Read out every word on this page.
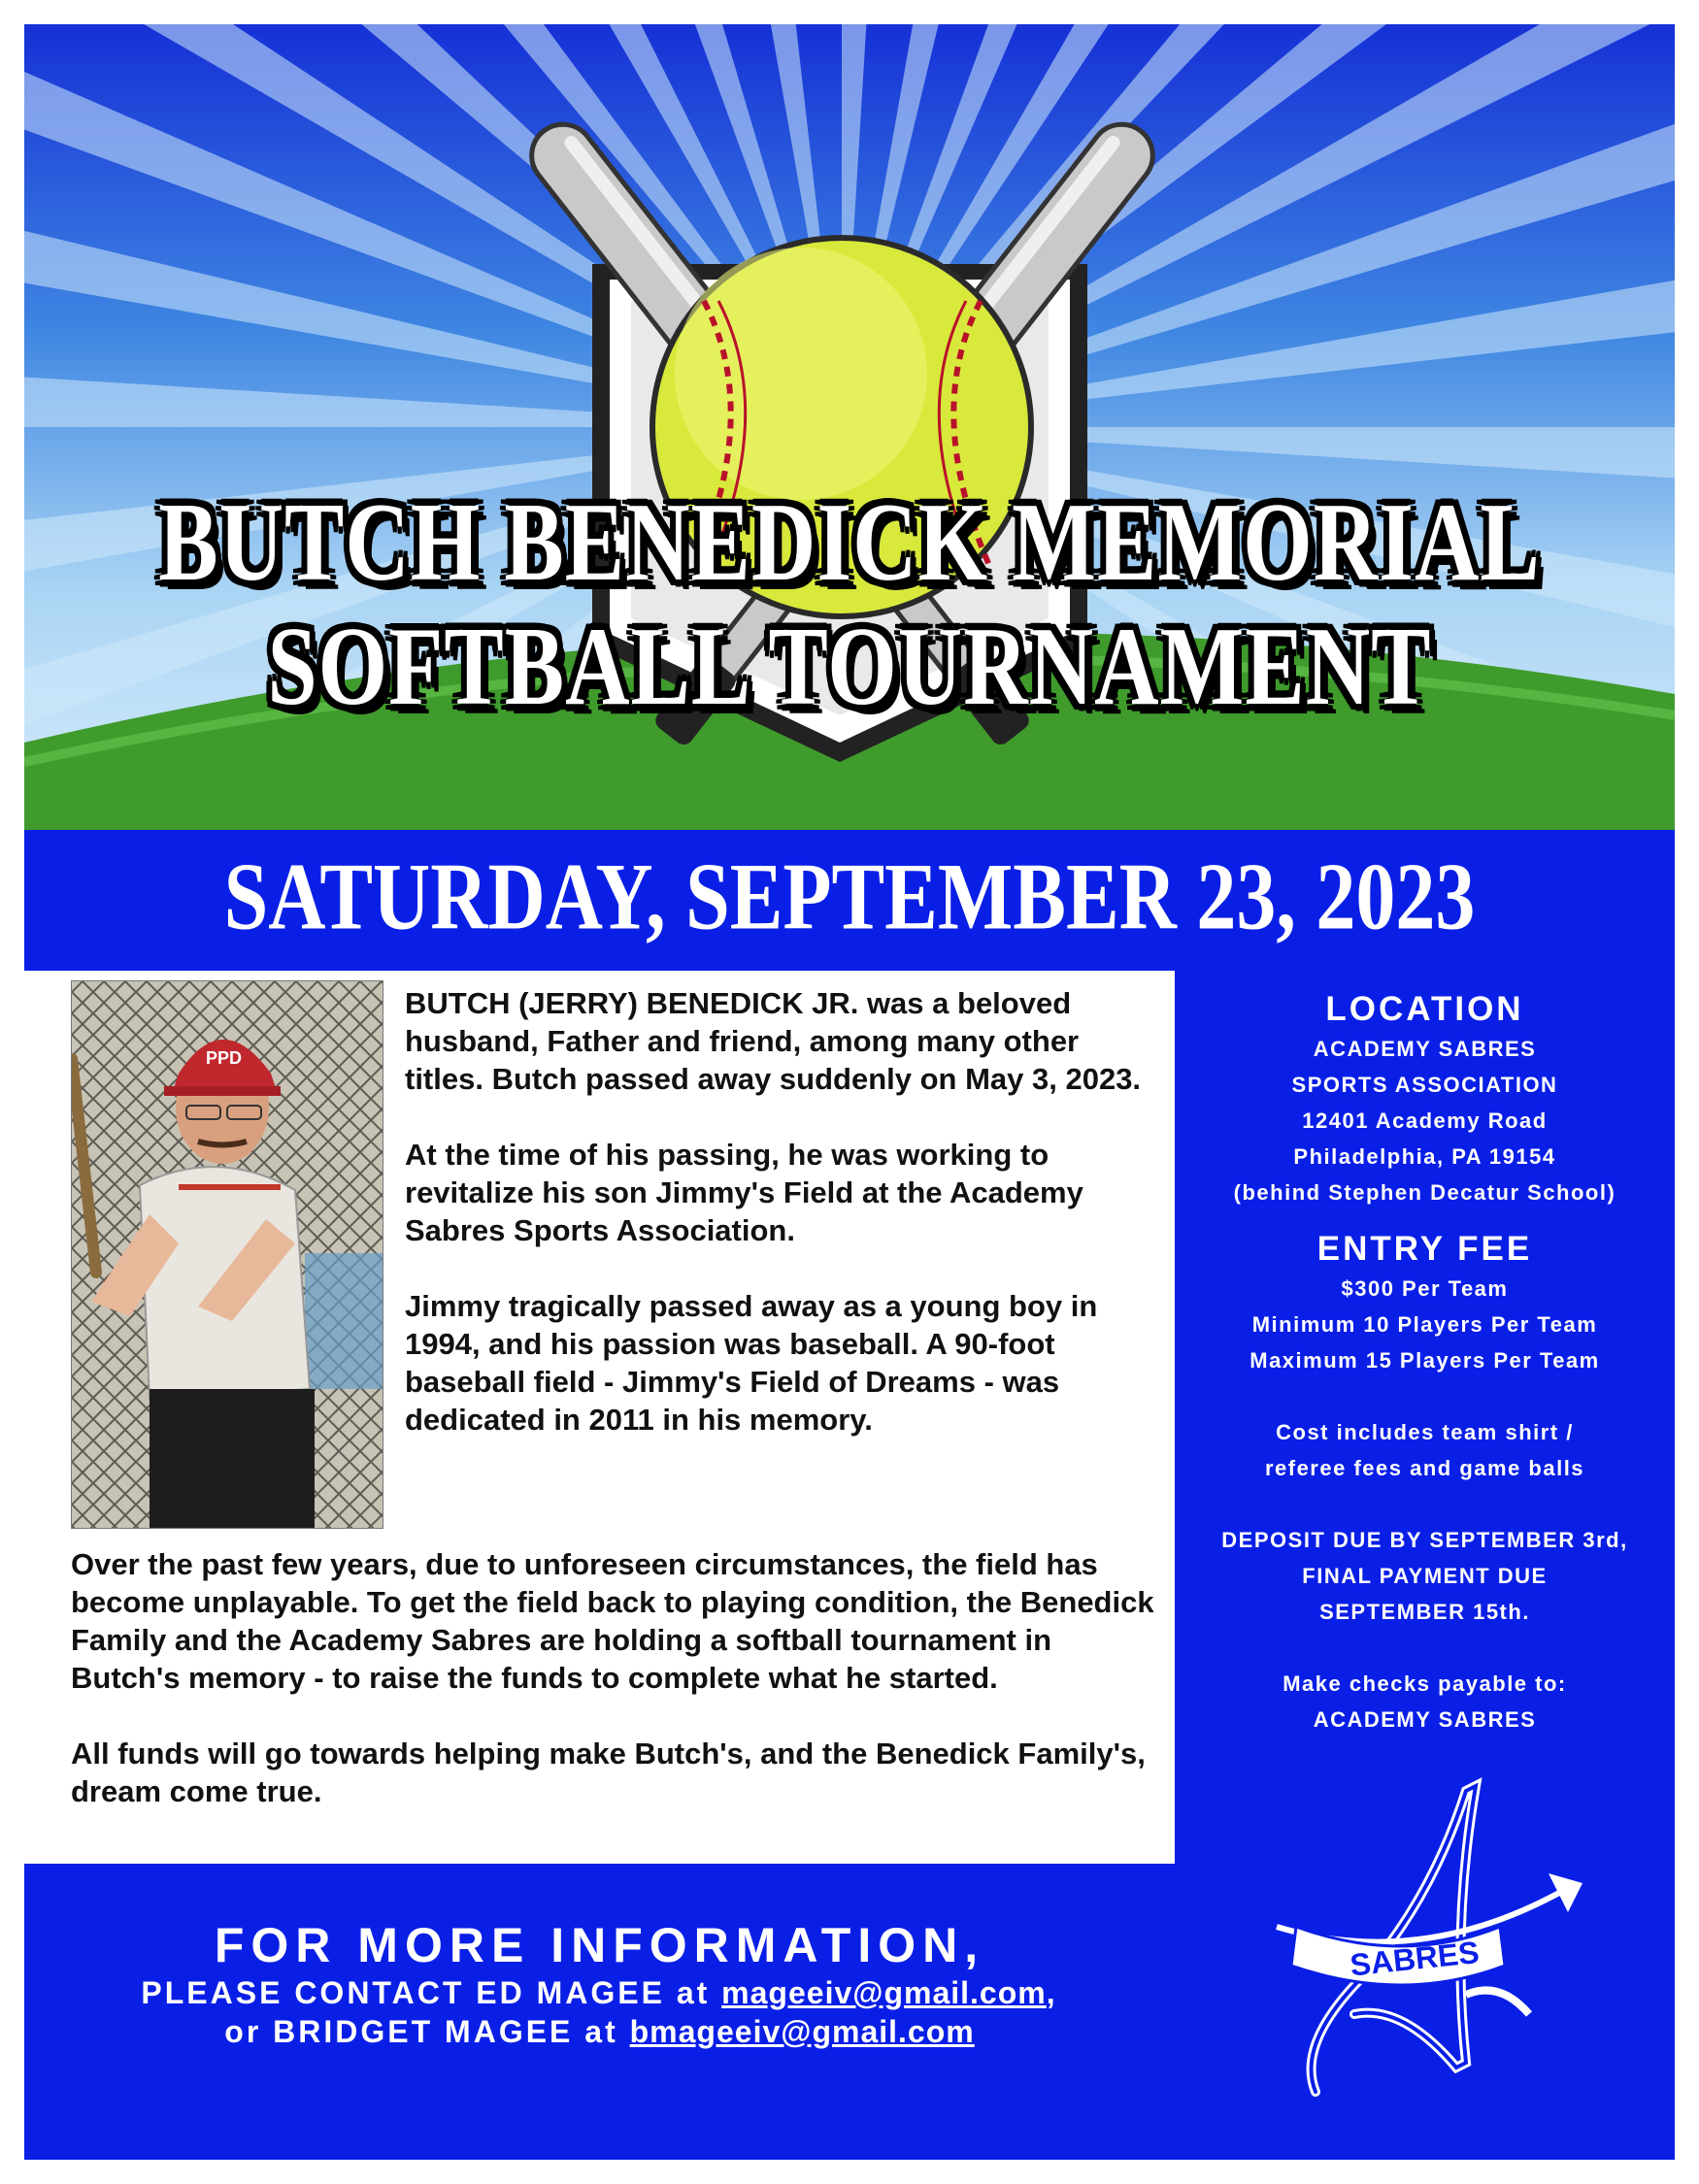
BUTCH BENEDICK MEMORIAL
SOFTBALL TOURNAMENT
SATURDAY, SEPTEMBER 23, 2023
PPD

BUTCH (JERRY) BENEDICK JR. was a beloved husband, Father and friend, among many other titles. Butch passed away suddenly on May 3, 2023.

At the time of his passing, he was working to revitalize his son Jimmy's Field at the Academy Sabres Sports Association.

Jimmy tragically passed away as a young boy in 1994, and his passion was baseball. A 90-foot baseball field - Jimmy's Field of Dreams - was dedicated in 2011 in his memory.

Over the past few years, due to unforeseen circumstances, the field has become unplayable. To get the field back to playing condition, the Benedick Family and the Academy Sabres are holding a softball tournament in Butch's memory - to raise the funds to complete what he started.

All funds will go towards helping make Butch's, and the Benedick Family's, dream come true.

LOCATION
ACADEMY SABRES
SPORTS ASSOCIATION
12401 Academy Road
Philadelphia, PA 19154
(behind Stephen Decatur School)
ENTRY FEE
$300 Per Team
Minimum 10 Players Per Team
Maximum 15 Players Per Team
Cost includes team shirt /
referee fees and game balls
DEPOSIT DUE BY SEPTEMBER 3rd,
FINAL PAYMENT DUE
SEPTEMBER 15th.
Make checks payable to:
ACADEMY SABRES
SABRES
FOR MORE INFORMATION,
PLEASE CONTACT ED MAGEE at mageeiv@gmail.com,
or BRIDGET MAGEE at bmageeiv@gmail.com
